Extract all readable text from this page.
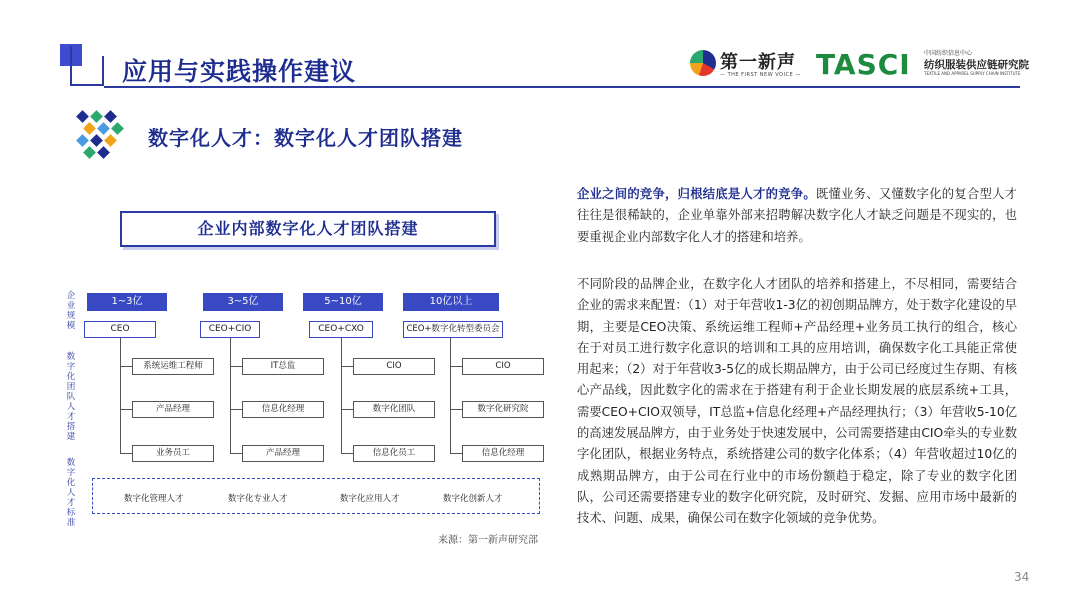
应用与实践操作建议	第一新声
— THE FIRST NEW VOICE — TASCI 中国纺织信息中心
纺织服装供应链研究院
TEXTILE AND APPAREL SUPPLY CHAIN INSTITUTE
数字化人才：数字化人才团队搭建
企业内部数字化人才团队搭建
企业规模
数字化团队人才搭建
数字化人才标准
1~3亿
CEO
系统运维工程师
产品经理
业务员工
3~5亿
CEO+CIO
IT总监
信息化经理
产品经理
5~10亿
CEO+CXO
CIO
数字化团队
信息化员工
10亿以上
CEO+数字化转型委员会
CIO
数字化研究院
信息化经理
数字化管理人才	数字化专业人才	数字化应用人才	数字化创新人才
来源：第一新声研究部
企业之间的竞争，归根结底是人才的竞争。既懂业务、又懂数字化的复合型人才往往是很稀缺的，企业单靠外部来招聘解决数字化人才缺乏问题是不现实的，也要重视企业内部数字化人才的搭建和培养。
不同阶段的品牌企业，在数字化人才团队的培养和搭建上，不尽相同，需要结合企业的需求来配置：（1）对于年营收1-3亿的初创期品牌方，处于数字化建设的早期，主要是CEO决策、系统运维工程师+产品经理+业务员工执行的组合，核心在于对员工进行数字化意识的培训和工具的应用培训，确保数字化工具能正常使用起来；（2）对于年营收3-5亿的成长期品牌方，由于公司已经度过生存期、有核心产品线，因此数字化的需求在于搭建有利于企业长期发展的底层系统+工具，需要CEO+CIO双领导，IT总监+信息化经理+产品经理执行；（3）年营收5-10亿的高速发展品牌方，由于业务处于快速发展中，公司需要搭建由CIO牵头的专业数字化团队，根据业务特点，系统搭建公司的数字化体系；（4）年营收超过10亿的成熟期品牌方，由于公司在行业中的市场份额趋于稳定，除了专业的数字化团队，公司还需要搭建专业的数字化研究院，及时研究、发掘、应用市场中最新的技术、问题、成果，确保公司在数字化领域的竞争优势。
34
